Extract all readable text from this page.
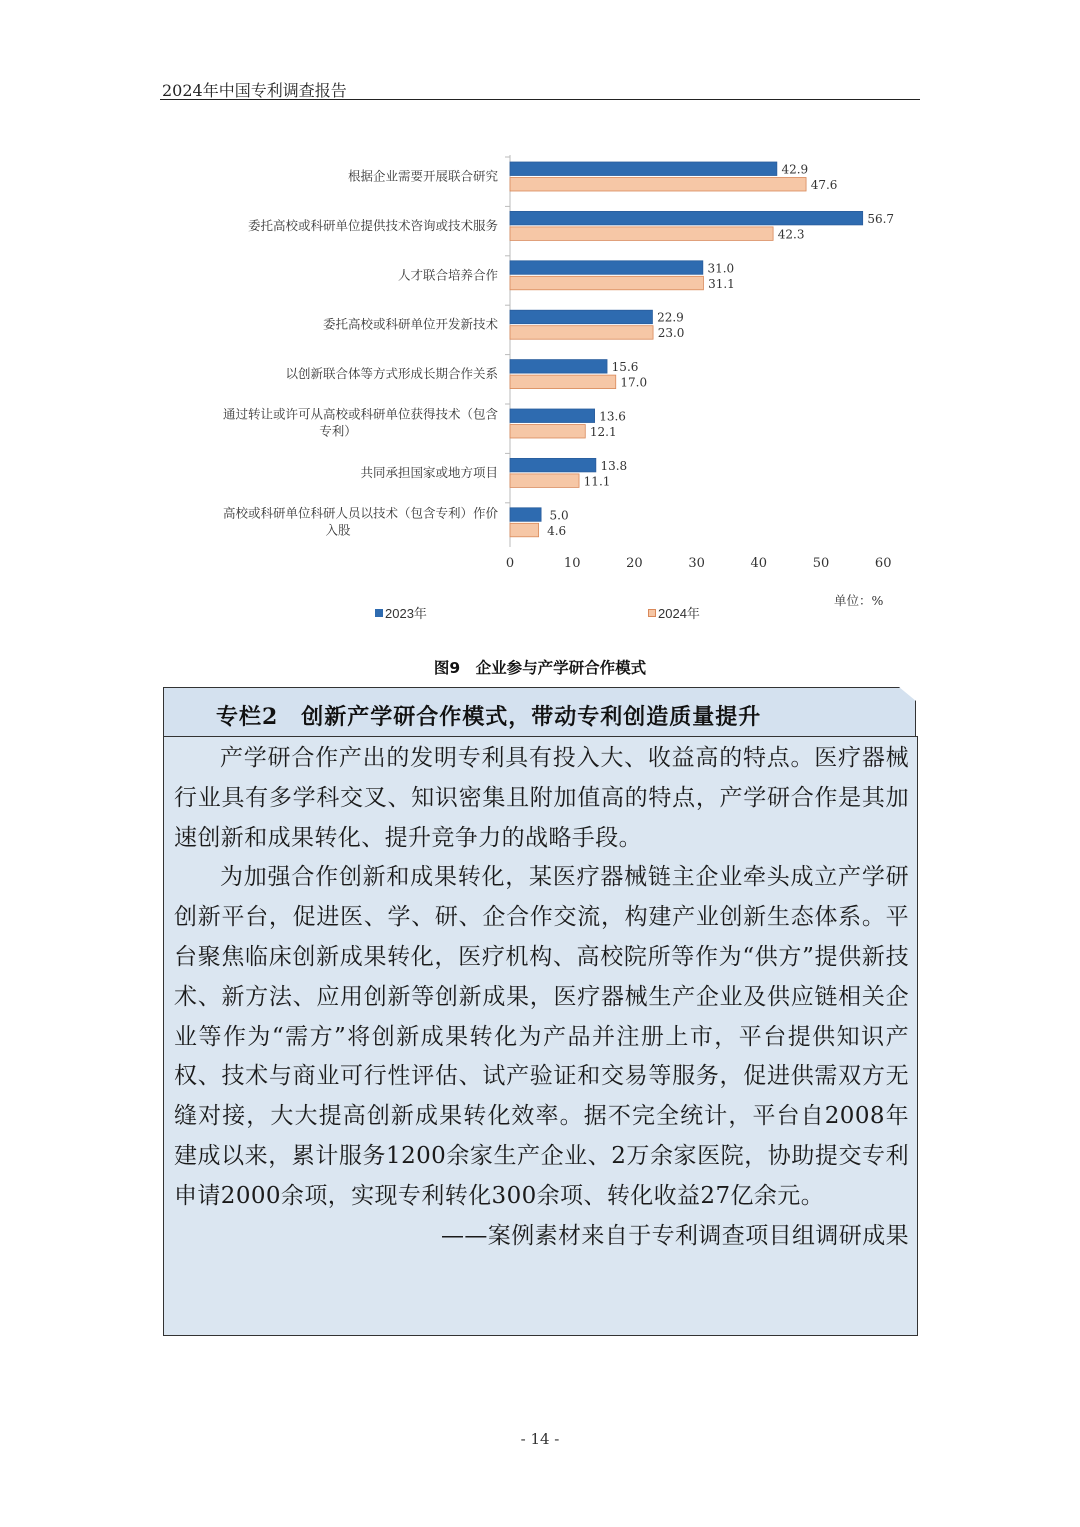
2024年中国专利调查报告
根据企业需要开展联合研究	42.9
47.6
委托高校或科研单位提供技术咨询或技术服务	56.7
42.3
人才联合培养合作	31.0
31.1
委托高校或科研单位开发新技术	22.9
23.0
以创新联合体等方式形成长期合作关系	15.6
17.0
通过转让或许可从高校或科研单位获得技术（包含
专利）
13.6
12.1
共同承担国家或地方项目	13.8
11.1
高校或科研单位科研人员以技术（包含专利）作价
入股
5.0
4.6
0	10	20	30	40	50	60
单位：%
2023年	2024年
图9　企业参与产学研合作模式
专栏2　创新产学研合作模式，带动专利创造质量提升

产学研合作产出的发明专利具有投入大、收益高的特点。医疗器械行业具有多学科交叉、知识密集且附加值高的特点，产学研合作是其加速创新和成果转化、提升竞争力的战略手段。

为加强合作创新和成果转化，某医疗器械链主企业牵头成立产学研创新平台，促进医、学、研、企合作交流，构建产业创新生态体系。平台聚焦临床创新成果转化，医疗机构、高校院所等作为“供方”提供新技术、新方法、应用创新等创新成果，医疗器械生产企业及供应链相关企业等作为“需方”将创新成果转化为产品并注册上市，平台提供知识产权、技术与商业可行性评估、试产验证和交易等服务，促进供需双方无缝对接，大大提高创新成果转化效率。据不完全统计，平台自2008年建成以来，累计服务1200余家生产企业、2万余家医院，协助提交专利申请2000余项，实现专利转化300余项、转化收益27亿余元。

——案例素材来自于专利调查项目组调研成果
- 14 -
